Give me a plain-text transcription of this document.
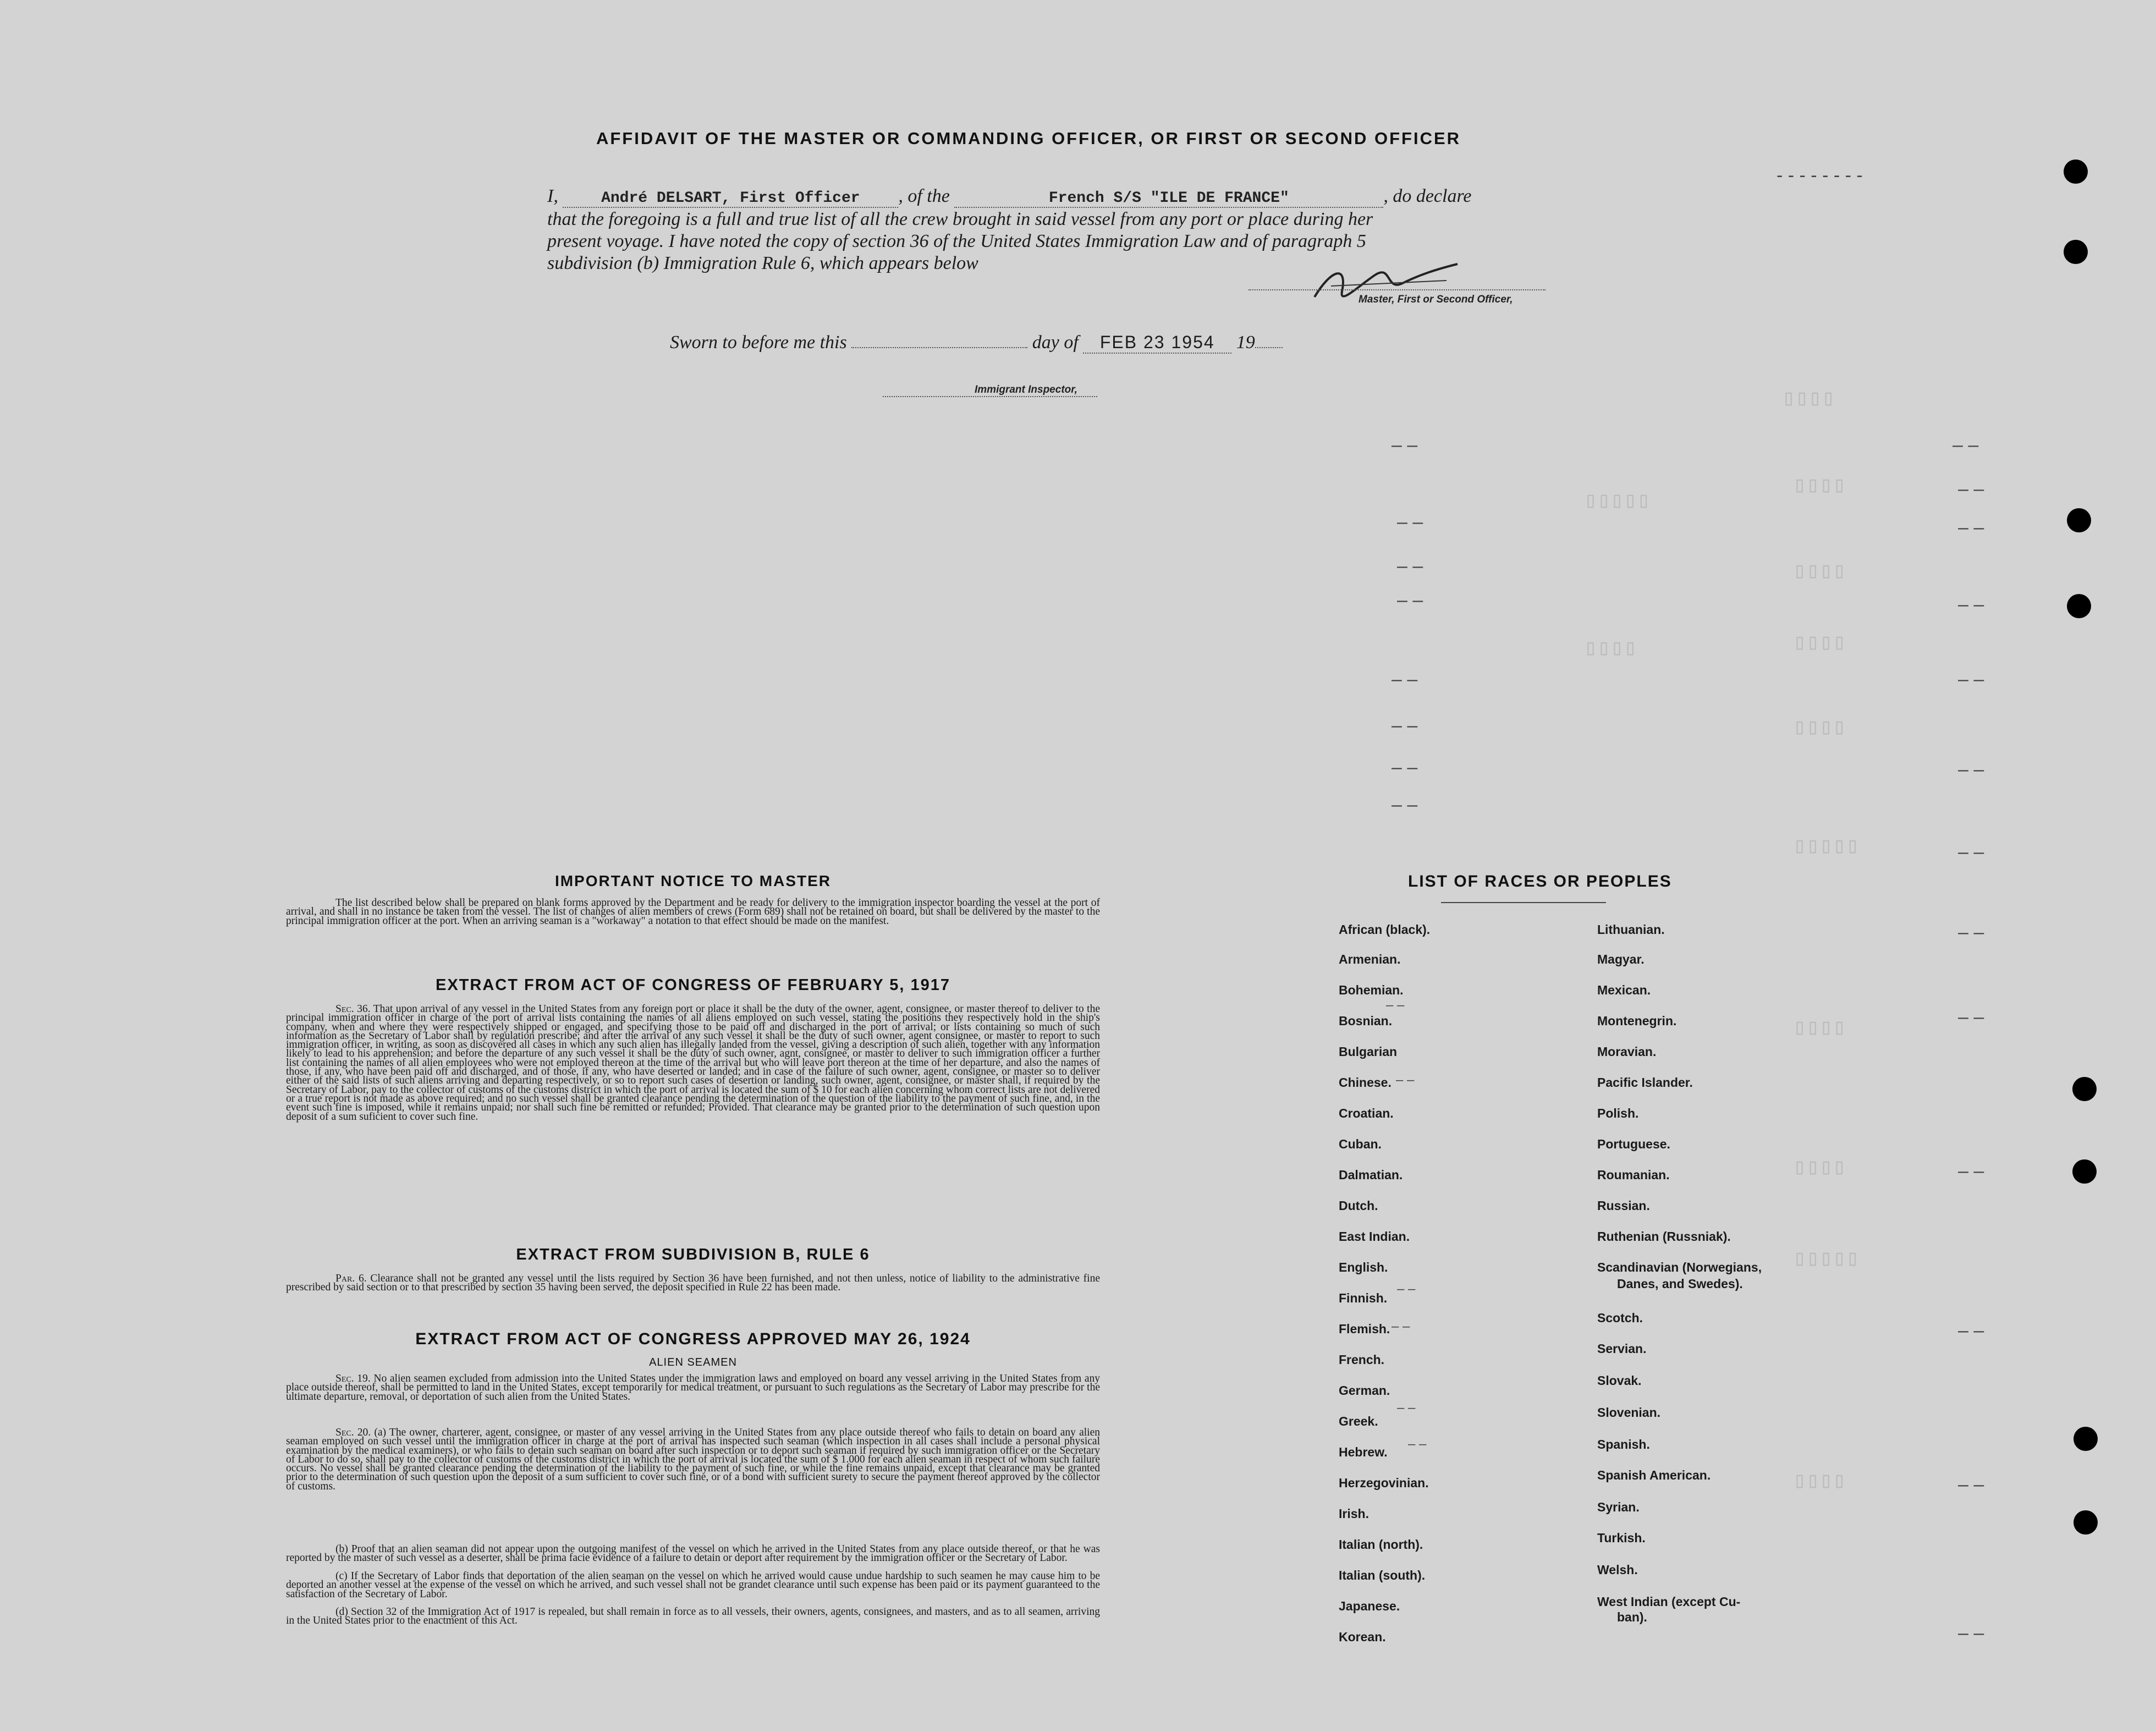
▯▯▯▯
▯▯▯▯
▯▯▯▯
▯▯▯▯
▯▯▯▯
▯▯▯▯▯
▯▯▯▯
▯▯▯▯
▯▯▯▯▯
▯▯▯▯
▯▯▯▯▯
▯▯▯▯
– –
– –
– –
– –
– –
– –
– –
– –
– –
– –
– –
– –
– –
– –
– –
– –
– –
– –
– –
– –
– –
- - - - - - - -
AFFIDAVIT OF THE MASTER OR COMMANDING OFFICER, OR FIRST OR SECOND OFFICER
I,	André DELSART, First Officer , of the	French S/S "ILE DE FRANCE"	, do declare
that the foregoing is a full and true list of all the crew brought in said vessel from any port or place during her
present voyage. I have noted the copy of section 36 of the United States Immigration Law and of paragraph 5
subdivision (b) Immigration Rule 6, which appears below
Master, First or Second Officer,
Sworn to before me this	day of FEB 23 1954 19
Immigrant Inspector,
IMPORTANT NOTICE TO MASTER
The list described below shall be prepared on blank forms approved by the Department and be ready for delivery to the immigration inspector boarding the vessel at the port of arrival, and shall in no instance be taken from the vessel. The list of changes of alien members of crews (Form 689) shall not be retained on board, but shall be delivered by the master to the principal immigration officer at the port. When an arriving seaman is a "workaway" a notation to that effect should be made on the manifest.
EXTRACT FROM ACT OF CONGRESS OF FEBRUARY 5, 1917
Sec. 36. That upon arrival of any vessel in the United States from any foreign port or place it shall be the duty of the owner, agent, consignee, or master thereof to deliver to the principal immigration officer in charge of the port of arrival lists containing the names of all aliens employed on such vessel, stating the positions they respectively hold in the ship's company, when and where they were respectively shipped or engaged, and specifying those to be paid off and discharged in the port of arrival; or lists containing so much of such information as the Secretary of Labor shall by regulation prescribe; and after the arrival of any such vessel it shall be the duty of such owner, agent consignee, or master to report to such immigration officer, in writing, as soon as discovered all cases in which any such alien has illegally landed from the vessel, giving a description of such alien, together with any information likely to lead to his apprehension; and before the departure of any such vessel it shall be the duty of such owner, agnt, consignee, or master to deliver to such immigration officer a further list containing the names of all alien employees who were not employed thereon at the time of the arrival but who will leave port thereon at the time of her departure, and also the names of those, if any, who have been paid off and discharged, and of those, if any, who have deserted or landed; and in case of the failure of such owner, agent, consignee, or master so to deliver either of the said lists of such aliens arriving and departing respectively, or so to report such cases of desertion or landing, such owner, agent, consignee, or master shall, if required by the Secretary of Labor, pay to the collector of customs of the customs district in which the port of arrival is located the sum of $ 10 for each alien concerning whom correct lists are not delivered or a true report is not made as above required; and no such vessel shall be granted clearance pending the determination of the question of the liability to the payment of such fine, and, in the event such fine is imposed, while it remains unpaid; nor shall such fine be remitted or refunded; Provided. That clearance may be granted prior to the determination of such question upon deposit of a sum suficient to cover such fine.
EXTRACT FROM SUBDIVISION B, RULE 6
Par. 6. Clearance shall not be granted any vessel until the lists required by Section 36 have been furnished, and not then unless, notice of liability to the administrative fine prescribed by said section or to that prescribed by section 35 having been served, the deposit specified in Rule 22 has been made.
EXTRACT FROM ACT OF CONGRESS APPROVED MAY 26, 1924
ALIEN SEAMEN
Sec. 19. No alien seamen excluded from admission into the United States under the immigration laws and employed on board any vessel arriving in the United States from any place outside thereof, shall be permitted to land in the United States, except temporarily for medical treatment, or pursuant to such regulations as the Secretary of Labor may prescribe for the ultimate departure, removal, or deportation of such alien from the United States.
Sec. 20. (a) The owner, charterer, agent, consignee, or master of any vessel arriving in the United States from any place outside thereof who fails to detain on board any alien seaman employed on such vessel until the immigration officer in charge at the port of arrival has inspected such seaman (which inspection in all cases shall include a personal physical examination by the medical examiners), or who fails to detain such seaman on board after such inspection or to deport such seaman if required by such immigration officer or the Secretary of Labor to do so, shall pay to the collector of customs of the customs district in which the port of arrival is located the sum of $ 1.000 for each alien seaman in respect of whom such failure occurs. No vessel shall be granted clearance pending the determination of the liability to the payment of such fine, or while the fine remains unpaid, except that clearance may be granted prior to the determination of such question upon the deposit of a sum sufficient to cover such fine, or of a bond with sufficient surety to secure the payment thereof approved by the collector of customs.
(b) Proof that an alien seaman did not appear upon the outgoing manifest of the vessel on which he arrived in the United States from any place outside thereof, or that he was reported by the master of such vessel as a deserter, shall be prima facie evidence of a failure to detain or deport after requirement by the immigration officer or the Secretary of Labor.
(c) If the Secretary of Labor finds that deportation of the alien seaman on the vessel on which he arrived would cause undue hardship to such seamen he may cause him to be deported an another vessel at the expense of the vessel on which he arrived, and such vessel shall not be grandet clearance until such expense has been paid or its payment guaranteed to the satisfaction of the Secretary of Labor.
(d) Section 32 of the Immigration Act of 1917 is repealed, but shall remain in force as to all vessels, their owners, agents, consignees, and masters, and as to all seamen, arriving in the United States prior to the enactment of this Act.
LIST OF RACES OR PEOPLES
African (black).
Armenian.
Bohemian.
Bosnian.
Bulgarian
Chinese.
Croatian.
Cuban.
Dalmatian.
Dutch.
East Indian.
English.
Finnish.
Flemish.
French.
German.
Greek.
Hebrew.
Herzegovinian.
Irish.
Italian (north).
Italian (south).
Japanese.
Korean.
Lithuanian.
Magyar.
Mexican.
Montenegrin.
Moravian.
Pacific Islander.
Polish.
Portuguese.
Roumanian.
Russian.
Ruthenian (Russniak).
Scandinavian (Norwegians,
Danes, and Swedes).
Scotch.
Servian.
Slovak.
Slovenian.
Spanish.
Spanish American.
Syrian.
Turkish.
Welsh.
West Indian (except Cu-
ban).
– –
– –
– –
– –
– –
– –
